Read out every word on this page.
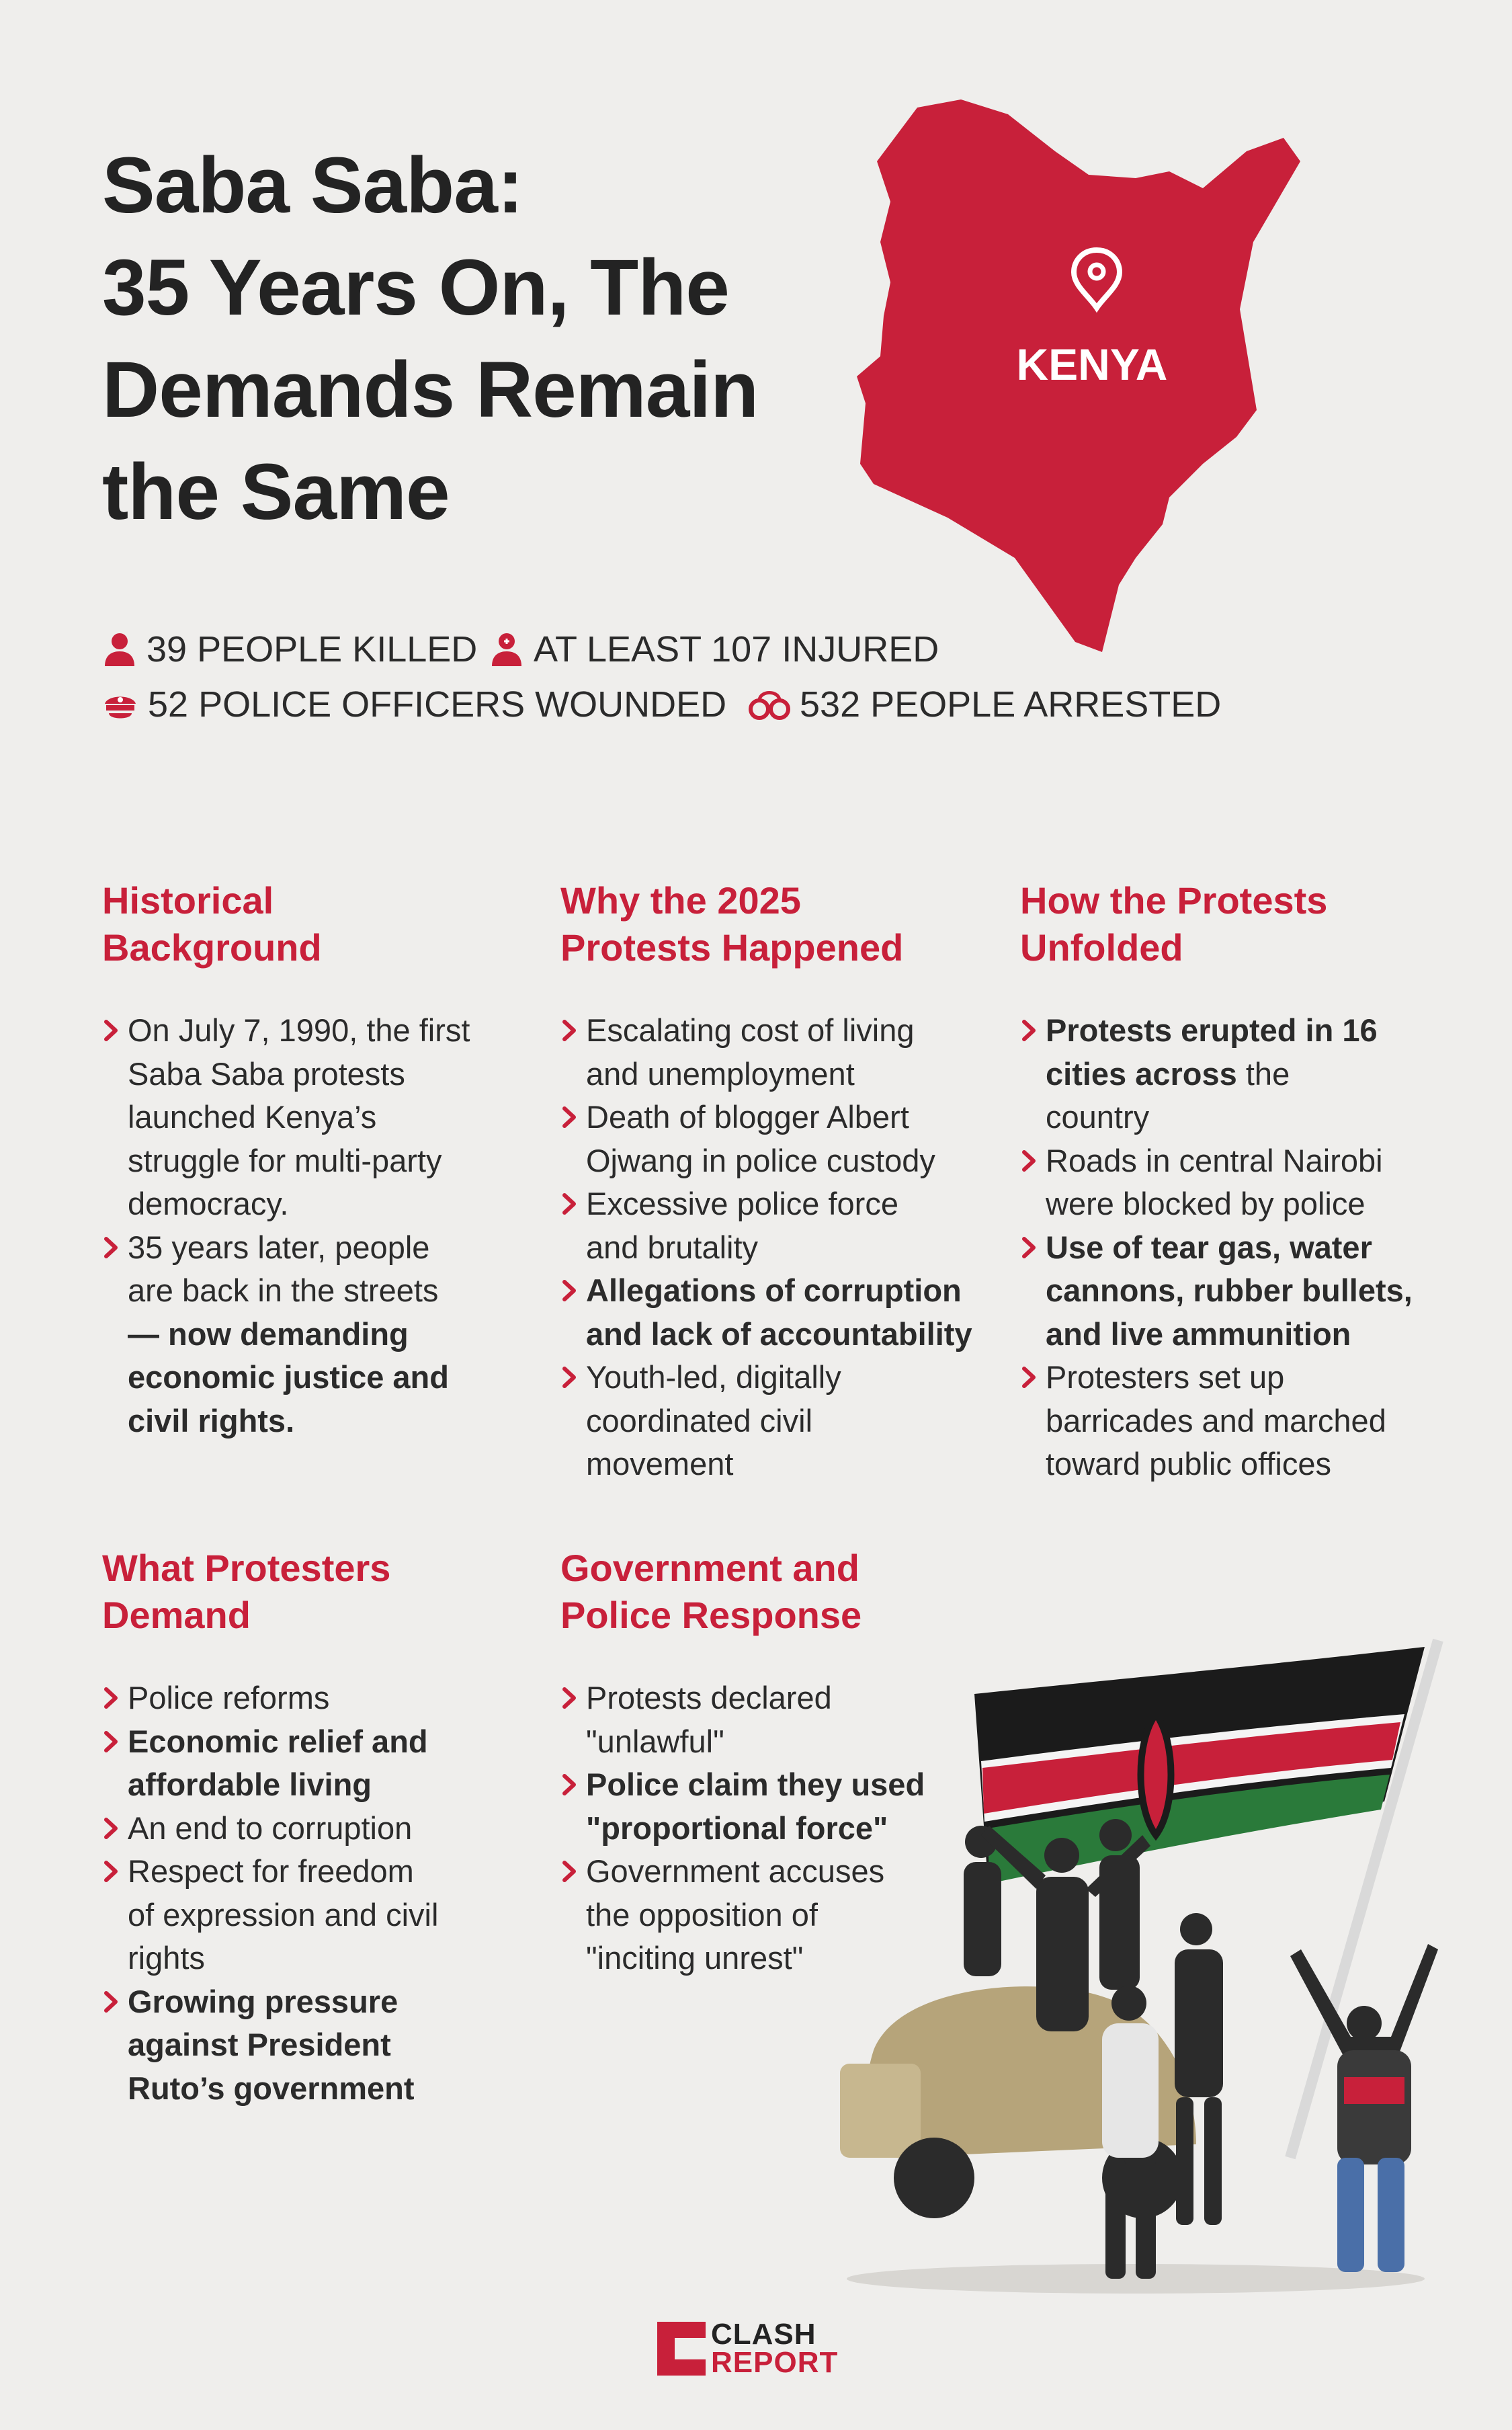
Saba Saba:
35 Years On, The
Demands Remain
the Same
KENYA
39 PEOPLE KILLED AT LEAST 107 INJURED
52 POLICE OFFICERS WOUNDED 532 PEOPLE ARRESTED
Historical
Background
On July 7, 1990, the first
Saba Saba protests
launched Kenya’s
struggle for multi-party
democracy.
35 years later, people
are back in the streets
— now demanding
economic justice and
civil rights.
Why the 2025
Protests Happened
Escalating cost of living
and unemployment
Death of blogger Albert
Ojwang in police custody
Excessive police force
and brutality
Allegations of corruption
and lack of accountability
Youth-led, digitally
coordinated civil
movement
How the Protests
Unfolded
Protests erupted in 16
cities across the
country
Roads in central Nairobi
were blocked by police
Use of tear gas, water
cannons, rubber bullets,
and live ammunition
Protesters set up
barricades and marched
toward public offices
What Protesters
Demand
Police reforms
Economic relief and
affordable living
An end to corruption
Respect for freedom
of expression and civil
rights
Growing pressure
against President
Ruto’s government
Government and
Police Response
Protests declared
"unlawful"
Police claim they used
"proportional force"
Government accuses
the opposition of
"inciting unrest"
CLASH
REPORT
